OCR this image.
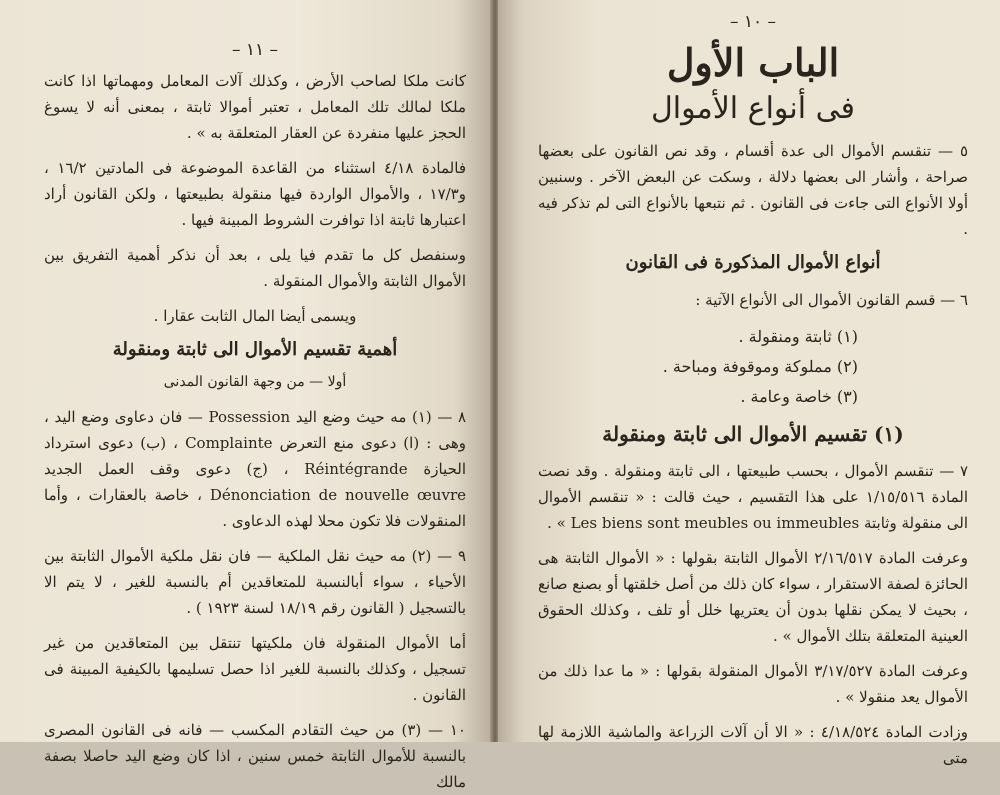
– ١١ –

كانت ملكا لصاحب الأرض ، وكذلك آلات المعامل ومهماتها اذا كانت ملكا لمالك تلك المعامل ، تعتبر أموالا ثابتة ، بمعنى أنه لا يسوغ الحجز عليها منفردة عن العقار المتعلقة به » .

فالمادة ٤/١٨ استثناء من القاعدة الموضوعة فى المادتين ١٦/٢ ، و١٧/٣ ، والأموال الواردة فيها منقولة بطبيعتها ، ولكن القانون أراد اعتبارها ثابتة اذا توافرت الشروط المبينة فيها .

وسنفصل كل ما تقدم فيا يلى ، بعد أن نذكر أهمية التفريق بين الأموال الثابتة والأموال المنقولة .

ويسمى أيضا المال الثابت عقارا .

أهمية تقسيم الأموال الى ثابتة ومنقولة
أولا — من وجهة القانون المدنى

٨ — (١) مه حيث وضع اليد Possession — فان دعاوى وضع اليد ، وهى : (ا) دعوى منع التعرض Complainte ، (ب) دعوى استرداد الحيازة Réintégrande ، (ج) دعوى وقف العمل الجديد Dénonciation de nouvelle œuvre ، خاصة بالعقارات ، وأما المنقولات فلا تكون محلا لهذه الدعاوى .

٩ — (٢) مه حيث نقل الملكية — فان نقل ملكية الأموال الثابتة بين الأحياء ، سواء أبالنسبة للمتعاقدين أم بالنسبة للغير ، لا يتم الا بالتسجيل ( القانون رقم ١٨/١٩ لسنة ١٩٢٣ ) .

أما الأموال المنقولة فان ملكيتها تنتقل بين المتعاقدين من غير تسجيل ، وكذلك بالنسبة للغير اذا حصل تسليمها بالكيفية المبينة فى القانون .

١٠ — (٣) من حيث التقادم المكسب — فانه فى القانون المصرى بالنسبة للأموال الثابتة خمس سنين ، اذا كان وضع اليد حاصلا بصفة مالك

– ١٠ –
الباب الأول
فى أنواع الأموال

٥ — تنقسم الأموال الى عدة أقسام ، وقد نص القانون على بعضها صراحة ، وأشار الى بعضها دلالة ، وسكت عن البعض الآخر . وسنبين أولا الأنواع التى جاءت فى القانون . ثم نتبعها بالأنواع التى لم تذكر فيه .

أنواع الأموال المذكورة فى القانون

٦ — قسم القانون الأموال الى الأنواع الآتية :

(١) ثابتة ومنقولة .
(٢) مملوكة وموقوفة ومباحة .
(٣) خاصة وعامة .
(١) تقسيم الأموال الى ثابتة ومنقولة

٧ — تنقسم الأموال ، بحسب طبيعتها ، الى ثابتة ومنقولة . وقد نصت المادة ١/١٥/٥١٦ على هذا التقسيم ، حيث قالت : « تنقسم الأموال الى منقولة وثابتة Les biens sont meubles ou immeubles » .

وعرفت المادة ٢/١٦/٥١٧ الأموال الثابتة بقولها : « الأموال الثابتة هى الحائزة لصفة الاستقرار ، سواء كان ذلك من أصل خلقتها أو بصنع صانع ، بحيث لا يمكن نقلها بدون أن يعتريها خلل أو تلف ، وكذلك الحقوق العينية المتعلقة بتلك الأموال » .

وعرفت المادة ٣/١٧/٥٢٧ الأموال المنقولة بقولها : « ما عدا ذلك من الأموال يعد منقولا » .

وزادت المادة ٤/١٨/٥٢٤ : « الا أن آلات الزراعة والماشية اللازمة لها متى
